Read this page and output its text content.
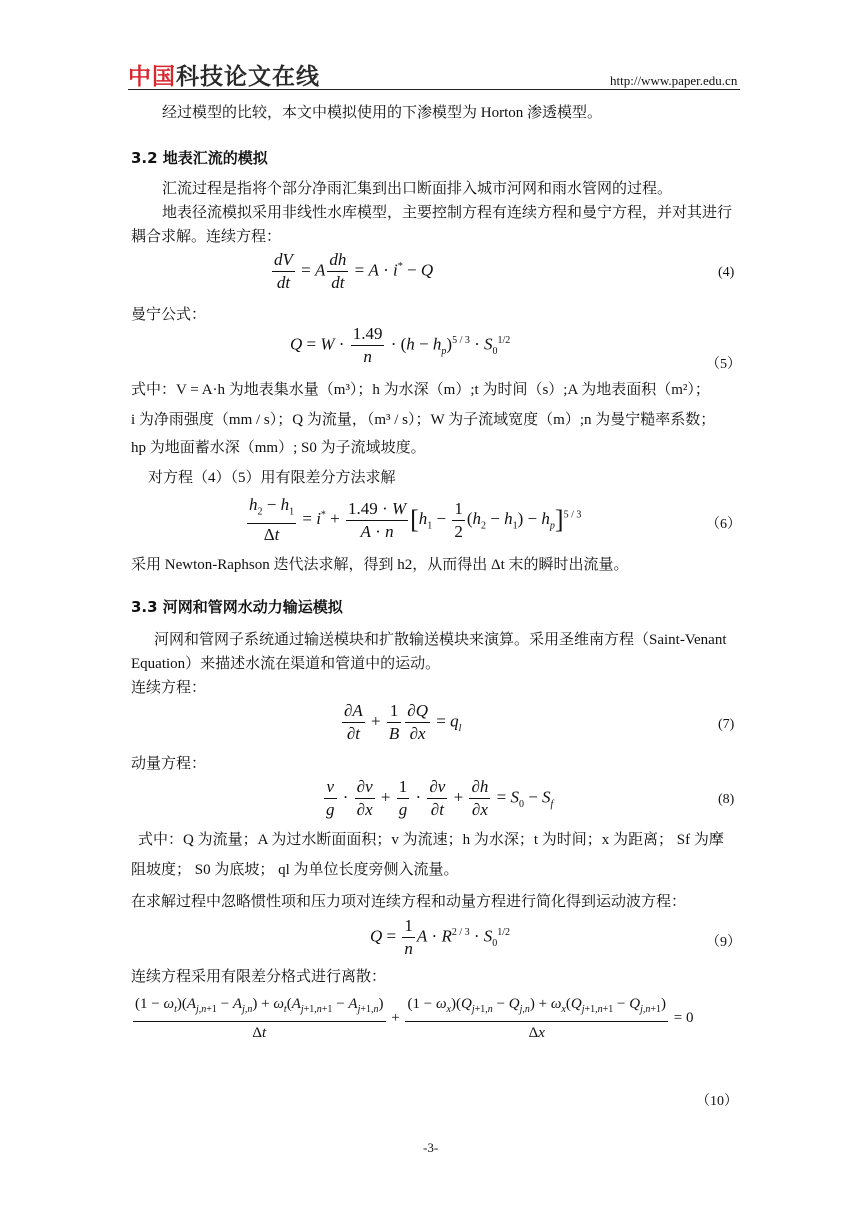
中国科技论文在线	http://www.paper.edu.cn
经过模型的比较，本文中模拟使用的下渗模型为 Horton 渗透模型。
3.2 地表汇流的模拟
汇流过程是指将个部分净雨汇集到出口断面排入城市河网和雨水管网的过程。
地表径流模拟采用非线性水库模型，主要控制方程有连续方程和曼宁方程，并对其进行
耦合求解。连续方程：
$\frac{dV}{dt} = A \frac{dh}{dt} = A \cdot i^* - Q$	(4)
曼宁公式：
$Q = W \cdot \frac{1.49}{n} \cdot (h - h_p)^{5 / 3} \cdot S_0^{1/2}$
（5）
式中：V = A·h 为地表集水量（m³）；h 为水深（m）;t 为时间（s）;A 为地表面积（m²）；
i 为净雨强度（mm / s）；Q 为流量，（m³ / s）；W 为子流域宽度（m）;n 为曼宁糙率系数；
hp 为地面蓄水深（mm）; S0 为子流域坡度。
对方程（4）（5）用有限差分方法求解
$\frac{h_2 - h_1}{\Delta t} = i^* + \frac{1.49 \cdot W}{A \cdot n} [h_1 - \frac{1}{2} (h_2 - h_1) - h_p]^{5 / 3}$
（6）
采用 Newton-Raphson 迭代法求解，得到 h2，从而得出 Δt 末的瞬时出流量。
3.3 河网和管网水动力输运模拟
河网和管网子系统通过输送模块和扩散输送模块来演算。采用圣维南方程（Saint-Venant
Equation）来描述水流在渠道和管道中的运动。
连续方程：
$\frac{\partial A}{\partial t} + \frac{1}{B} \frac{\partial Q}{\partial x} = q_l$	(7)
动量方程：
$\frac{v}{g} \cdot \frac{\partial v}{\partial x} + \frac{1}{g} \cdot \frac{\partial v}{\partial t} + \frac{\partial h}{\partial x} = S_0 - S_f$	(8)
式中：Q 为流量；A 为过水断面面积；v 为流速；h 为水深；t 为时间；x 为距离； Sf 为摩
阻坡度； S0 为底坡； ql 为单位长度旁侧入流量。
在求解过程中忽略惯性项和压力项对连续方程和动量方程进行简化得到运动波方程：
$Q = \frac{1}{n}$ $A \cdot R^{2 / 3} \cdot S_0^{1/2}$
（9）
连续方程采用有限差分格式进行离散：
$\frac{(1 - \omega_t)(A_{j,n+1} - A_{j,n}) + \omega_t(A_{j+1,n+1} - A_{j+1,n})}{\Delta t} + \frac{(1 - \omega_x)(Q_{j+1,n} - Q_{j,n}) + \omega_x(Q_{j+1,n+1} - Q_{j,n+1})}{\Delta x} = 0$
（10）
-3-
